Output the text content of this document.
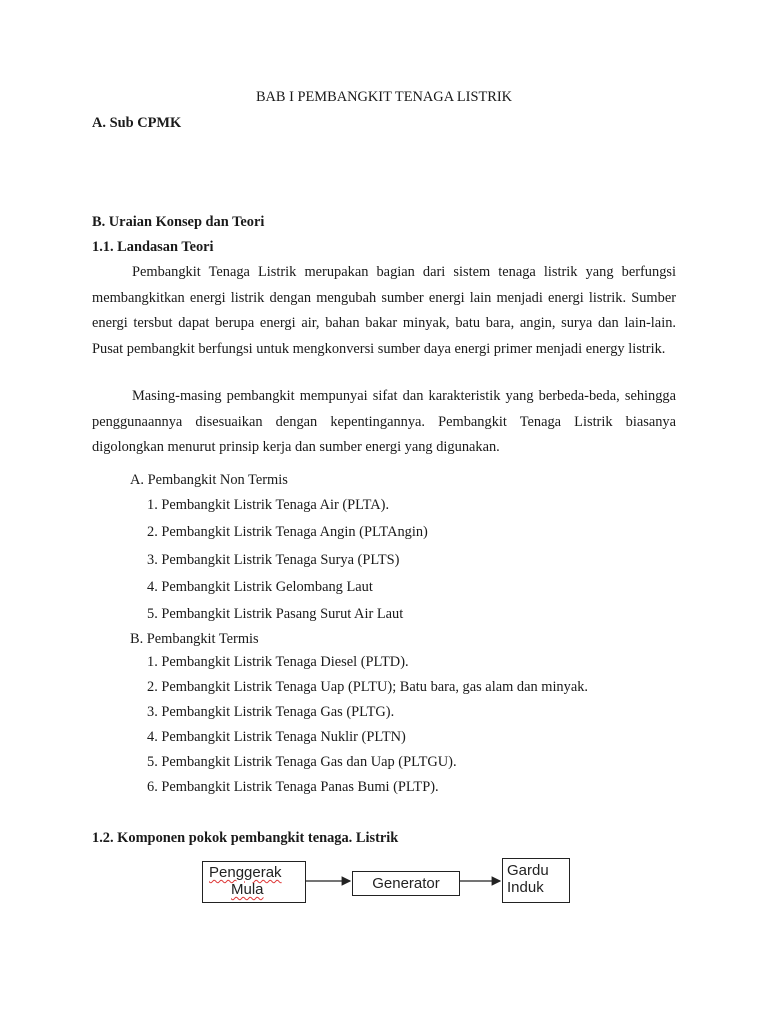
BAB I PEMBANGKIT TENAGA LISTRIK
A. Sub CPMK
B. Uraian Konsep dan Teori
1.1. Landasan Teori

Pembangkit Tenaga Listrik merupakan bagian dari sistem tenaga listrik yang berfungsi membangkitkan energi listrik dengan mengubah sumber energi lain menjadi energi listrik. Sumber energi tersbut dapat berupa energi air, bahan bakar minyak, batu bara, angin, surya dan lain-lain. Pusat pembangkit berfungsi untuk mengkonversi sumber daya energi primer menjadi energy listrik.

Masing-masing pembangkit mempunyai sifat dan karakteristik yang berbeda-beda, sehingga penggunaannya disesuaikan dengan kepentingannya. Pembangkit Tenaga Listrik biasanya digolongkan menurut prinsip kerja dan sumber energi yang digunakan.

A. Pembangkit Non Termis
1. Pembangkit Listrik Tenaga Air (PLTA).
2. Pembangkit Listrik Tenaga Angin (PLTAngin)
3. Pembangkit Listrik Tenaga Surya (PLTS)
4. Pembangkit Listrik Gelombang Laut
5. Pembangkit Listrik Pasang Surut Air Laut
B. Pembangkit Termis
1. Pembangkit Listrik Tenaga Diesel (PLTD).
2. Pembangkit Listrik Tenaga Uap (PLTU); Batu bara, gas alam dan minyak.
3. Pembangkit Listrik Tenaga Gas (PLTG).
4. Pembangkit Listrik Tenaga Nuklir (PLTN)
5. Pembangkit Listrik Tenaga Gas dan Uap (PLTGU).
6. Pembangkit Listrik Tenaga Panas Bumi (PLTP).
1.2. Komponen pokok pembangkit tenaga. Listrik
Penggerak
Mula	Generator
Gardu
Induk
